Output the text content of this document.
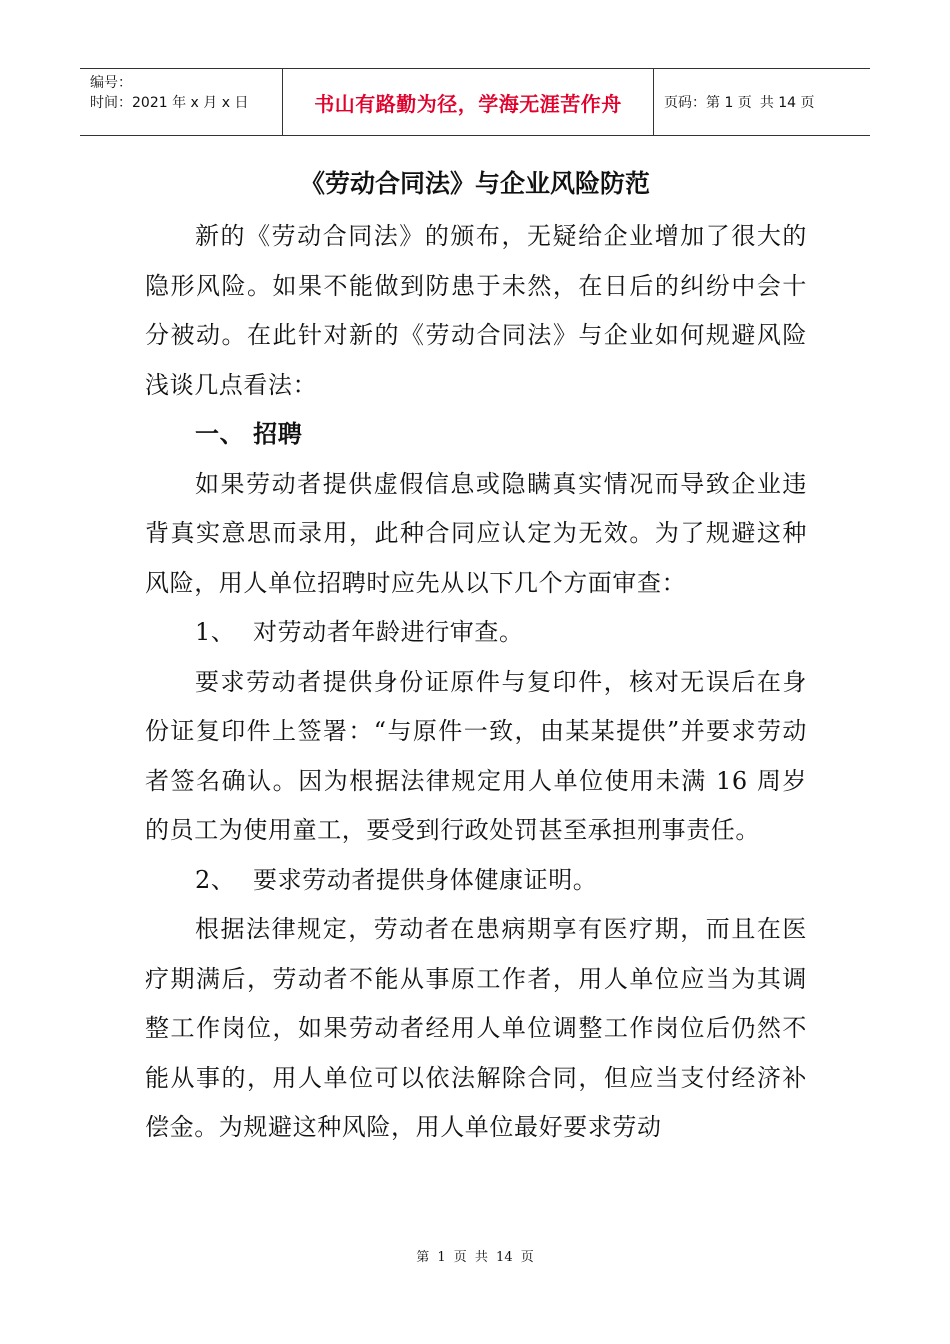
编号：
时间：2021 年 x 月 x 日	书山有路勤为径，学海无涯苦作舟	页码：第 1 页 共 14 页
《劳动合同法》与企业风险防范

新的《劳动合同法》的颁布，无疑给企业增加了很大的隐形风险。如果不能做到防患于未然，在日后的纠纷中会十分被动。在此针对新的《劳动合同法》与企业如何规避风险浅谈几点看法：

一、 招聘

如果劳动者提供虚假信息或隐瞒真实情况而导致企业违背真实意思而录用，此种合同应认定为无效。为了规避这种风险，用人单位招聘时应先从以下几个方面审查：

1、 对劳动者年龄进行审查。

要求劳动者提供身份证原件与复印件，核对无误后在身份证复印件上签署：“与原件一致，由某某提供”并要求劳动者签名确认。因为根据法律规定用人单位使用未满 16 周岁的员工为使用童工，要受到行政处罚甚至承担刑事责任。

2、 要求劳动者提供身体健康证明。

根据法律规定，劳动者在患病期享有医疗期，而且在医疗期满后，劳动者不能从事原工作者，用人单位应当为其调整工作岗位，如果劳动者经用人单位调整工作岗位后仍然不能从事的，用人单位可以依法解除合同，但应当支付经济补偿金。为规避这种风险，用人单位最好要求劳动

第 1 页 共 14 页
